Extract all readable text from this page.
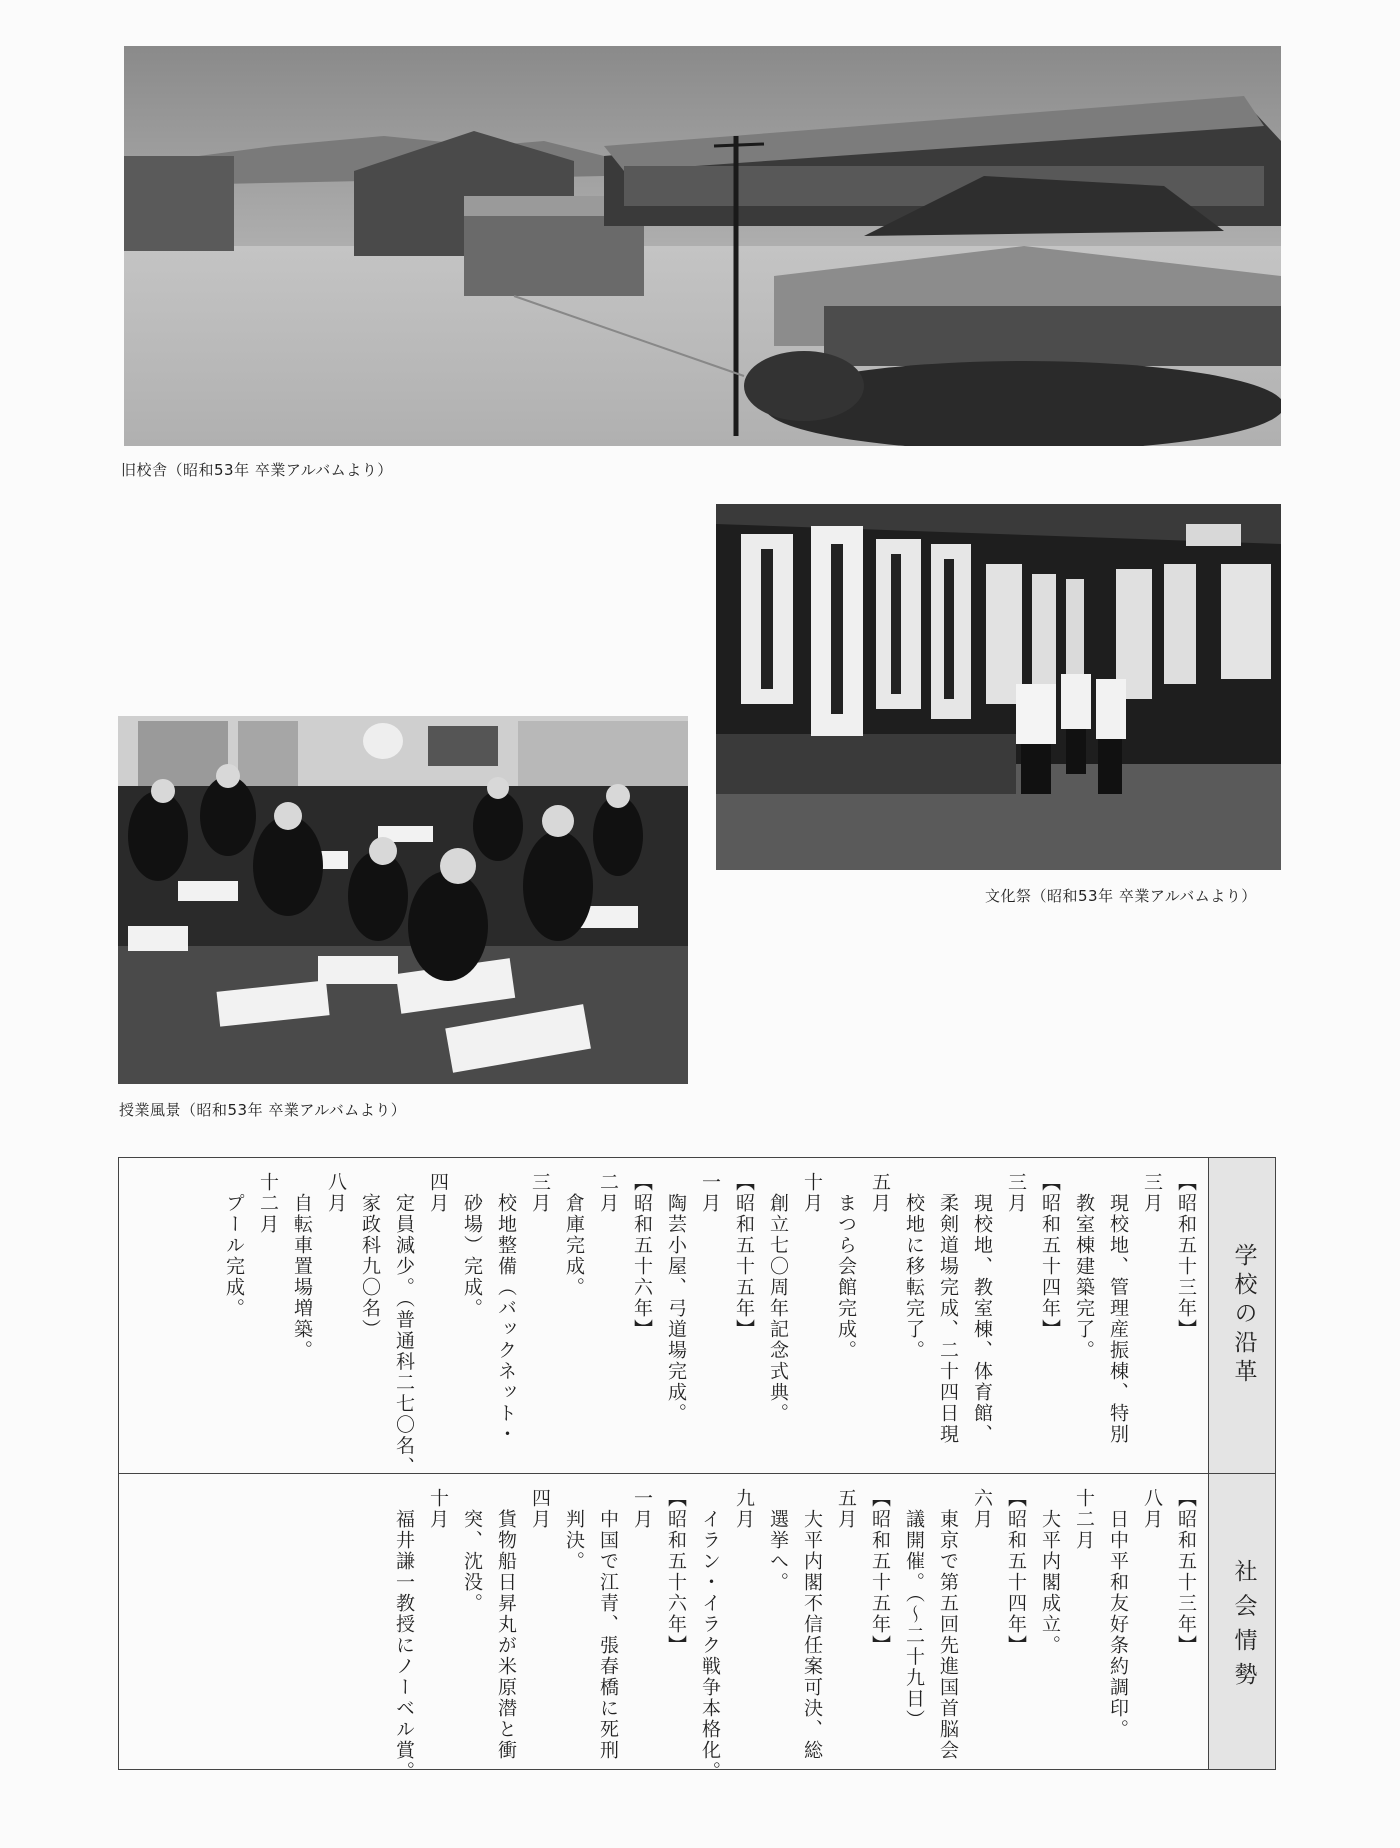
旧校舎（昭和53年 卒業アルバムより）
文化祭（昭和53年 卒業アルバムより）
授業風景（昭和53年 卒業アルバムより）
学校の沿革
社 会 情 勢
【昭和五十三年】
三月
　現校地、管理産振棟、特別
　教室棟建築完了。
【昭和五十四年】
三月
　現校地、教室棟、体育館、
　柔剣道場完成、二十四日現
　校地に移転完了。
五月
　まつら会館完成。
十月
　創立七〇周年記念式典。
【昭和五十五年】
一月
　陶芸小屋、弓道場完成。
【昭和五十六年】
二月
　倉庫完成。
三月
　校地整備（バックネット・
　砂場）完成。
四月
　定員減少。（普通科二七〇名、
　家政科九〇名）
八月
　自転車置場増築。
十二月
　プール完成。
【昭和五十三年】
八月
　日中平和友好条約調印。
十二月
　大平内閣成立。
【昭和五十四年】
六月
　東京で第五回先進国首脳会
　議開催。（〜二十九日）
【昭和五十五年】
五月
　大平内閣不信任案可決、総
　選挙へ。
九月
　イラン・イラク戦争本格化。
【昭和五十六年】
一月
　中国で江青、張春橋に死刑
　判決。
四月
　貨物船日昇丸が米原潜と衝
　突、沈没。
十月
　福井謙一教授にノーベル賞。
